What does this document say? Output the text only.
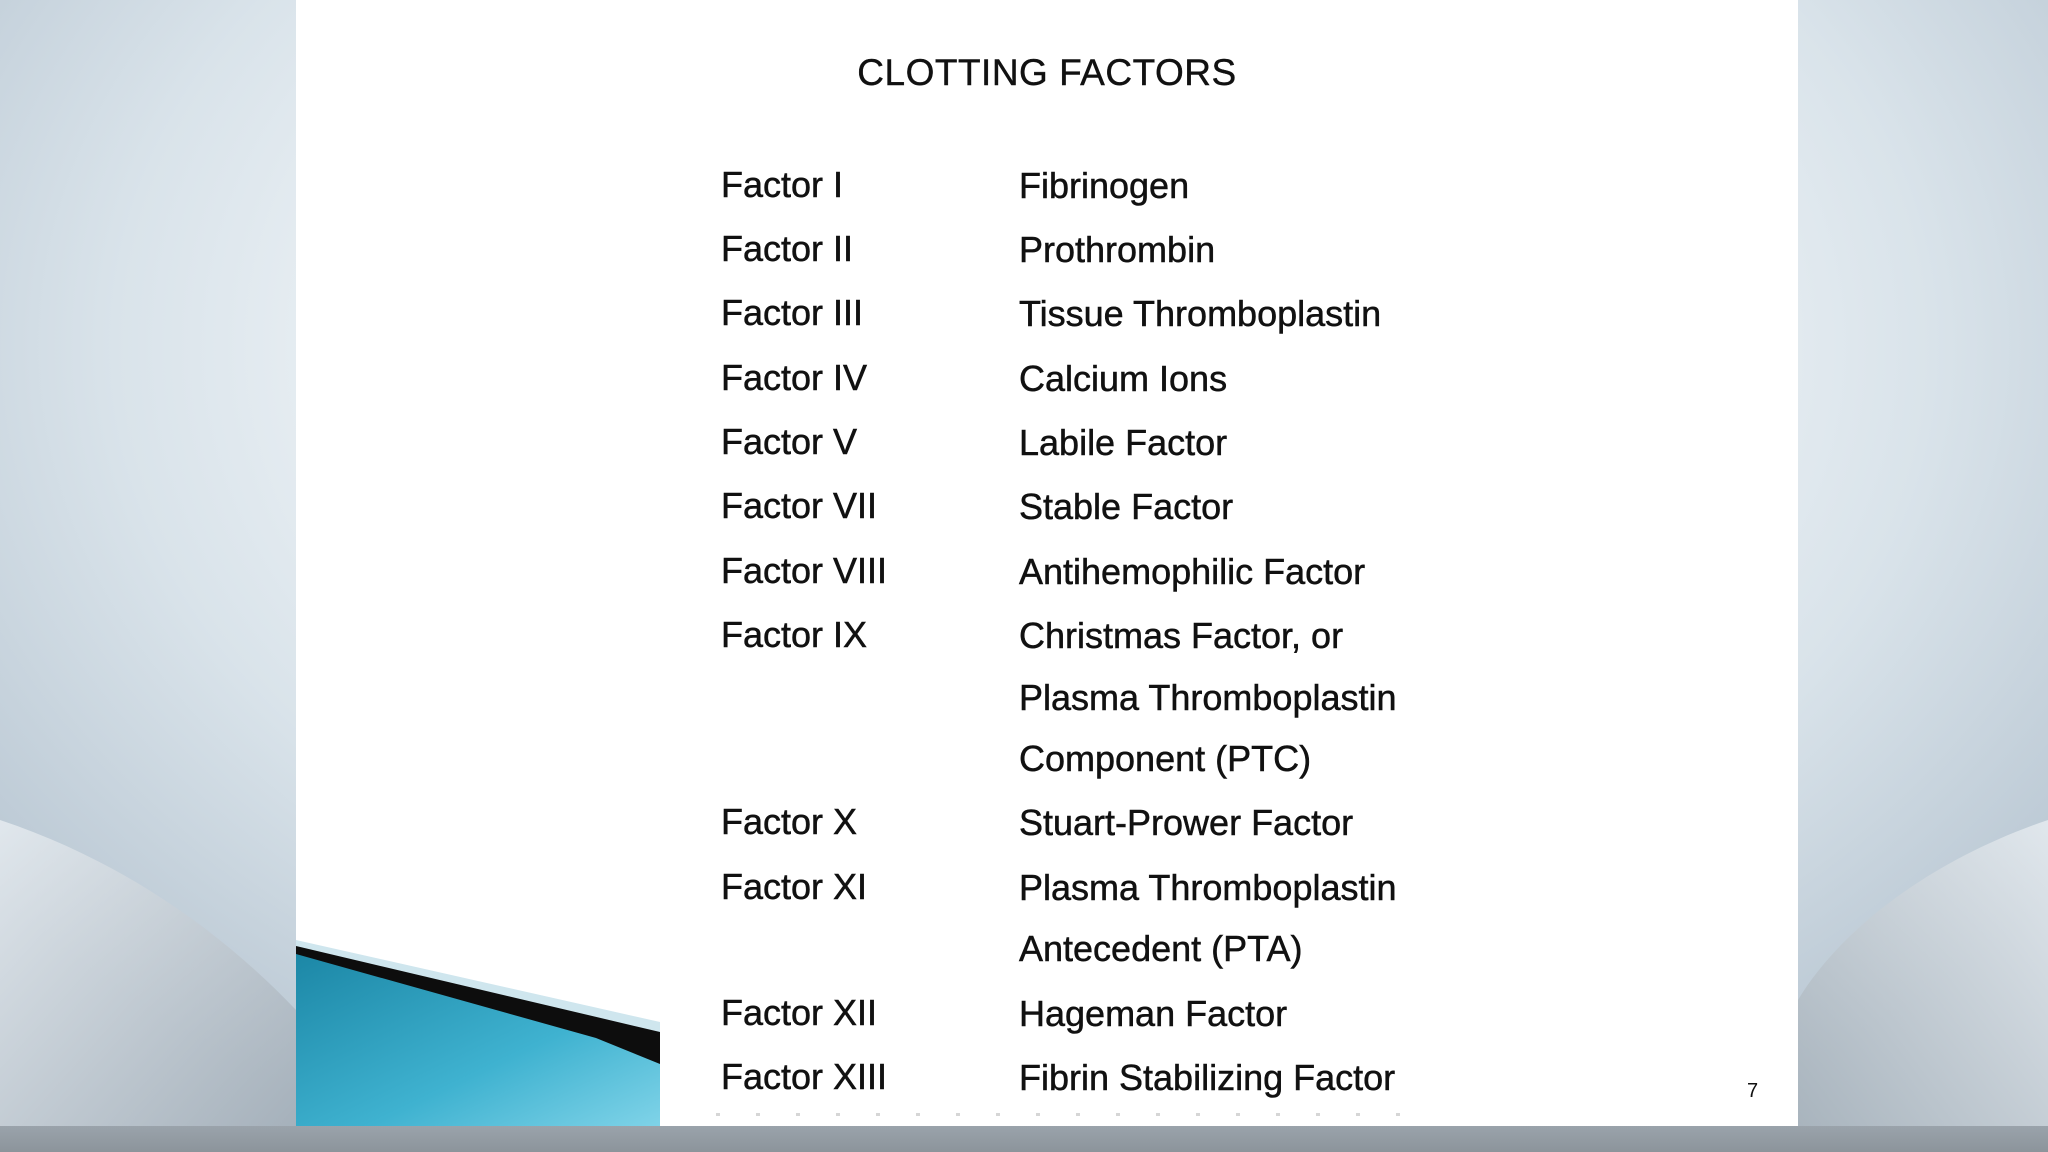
CLOTTING FACTORS
Factor I	Fibrinogen
Factor II	Prothrombin
Factor III	Tissue Thromboplastin
Factor IV	Calcium Ions
Factor V	Labile Factor
Factor VII	Stable Factor
Factor VIII	Antihemophilic Factor
Factor IX	Christmas Factor, or
Plasma Thromboplastin
Component (PTC)
Factor X	Stuart-Prower Factor
Factor XI	Plasma Thromboplastin
Antecedent (PTA)
Factor XII	Hageman Factor
Factor XIII	Fibrin Stabilizing Factor	7
